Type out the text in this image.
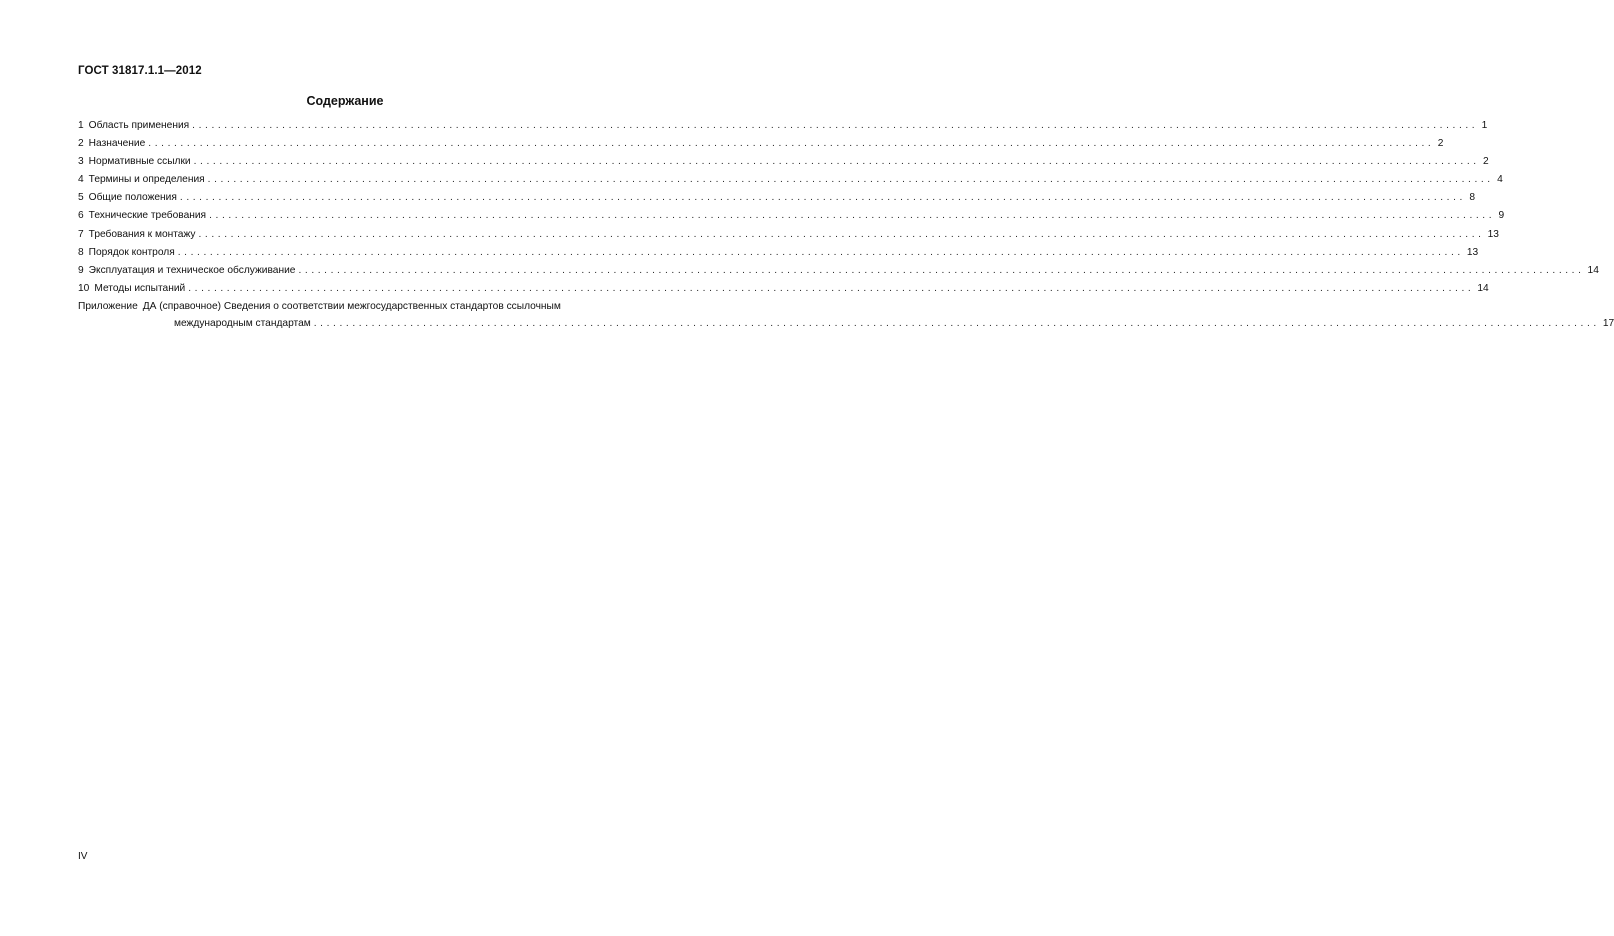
ГОСТ 31817.1.1—2012
Содержание
1 Область применения ........................................................................................................................................................................................................ 1
2 Назначение ........................................................................................................................................................................................................ 2
3 Нормативные ссылки ........................................................................................................................................................................................................ 2
4 Термины и определения ........................................................................................................................................................................................................ 4
5 Общие положения ........................................................................................................................................................................................................ 8
6 Технические требования ........................................................................................................................................................................................................ 9
7 Требования к монтажу ........................................................................................................................................................................................................ 13
8 Порядок контроля ........................................................................................................................................................................................................ 13
9 Эксплуатация и техническое обслуживание ........................................................................................................................................................................................................ 14
10 Методы испытаний ........................................................................................................................................................................................................ 14
Приложение ДА (справочное) Сведения о соответствии межгосударственных стандартов ссылочным
международным стандартам ........................................................................................................................................................................................................ 17
IV
